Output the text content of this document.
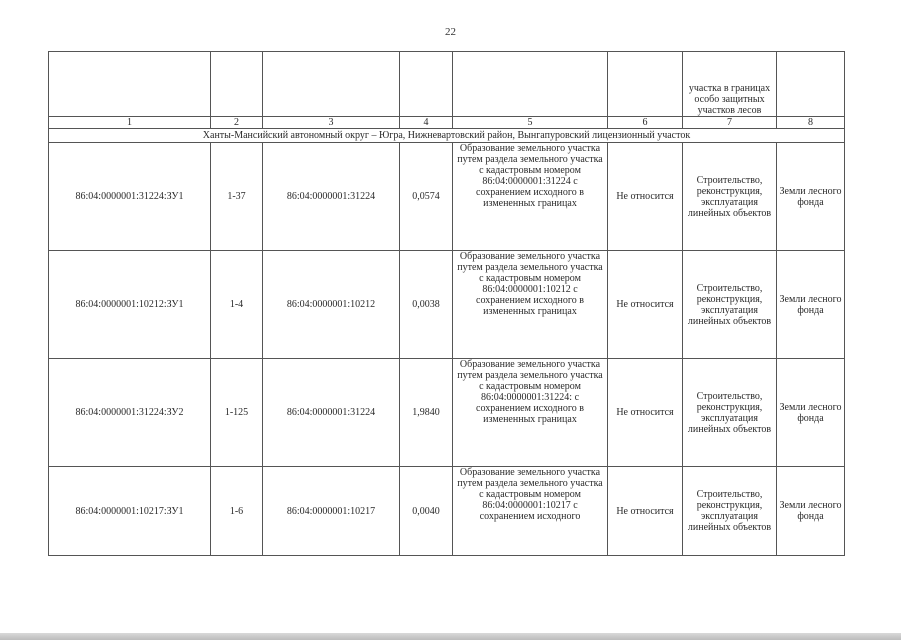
22
						участка в границах особо защитных участков лесов	
1	2	3	4	5	6	7	8
Ханты-Мансийский автономный округ – Югра, Нижневартовский район, Вынгапуровский лицензионный участок							
86:04:0000001:31224:ЗУ1	1-37	86:04:0000001:31224	0,0574	Образование земельного участка путем раздела земельного участка с кадастровым номером 86:04:0000001:31224 с сохранением исходного в измененных границах	Не относится	Строительство, реконструкция, эксплуатация линейных объектов	Земли лесного фонда
86:04:0000001:10212:ЗУ1	1-4	86:04:0000001:10212	0,0038	Образование земельного участка путем раздела земельного участка с кадастровым номером 86:04:0000001:10212 с сохранением исходного в измененных границах	Не относится	Строительство, реконструкция, эксплуатация линейных объектов	Земли лесного фонда
86:04:0000001:31224:ЗУ2	1-125	86:04:0000001:31224	1,9840	Образование земельного участка путем раздела земельного участка с кадастровым номером 86:04:0000001:31224: с сохранением исходного в измененных границах	Не относится	Строительство, реконструкция, эксплуатация линейных объектов	Земли лесного фонда
86:04:0000001:10217:ЗУ1	1-6	86:04:0000001:10217	0,0040	Образование земельного участка путем раздела земельного участка с кадастровым номером 86:04:0000001:10217 с сохранением исходного	Не относится	Строительство, реконструкция, эксплуатация линейных объектов	Земли лесного фонда
